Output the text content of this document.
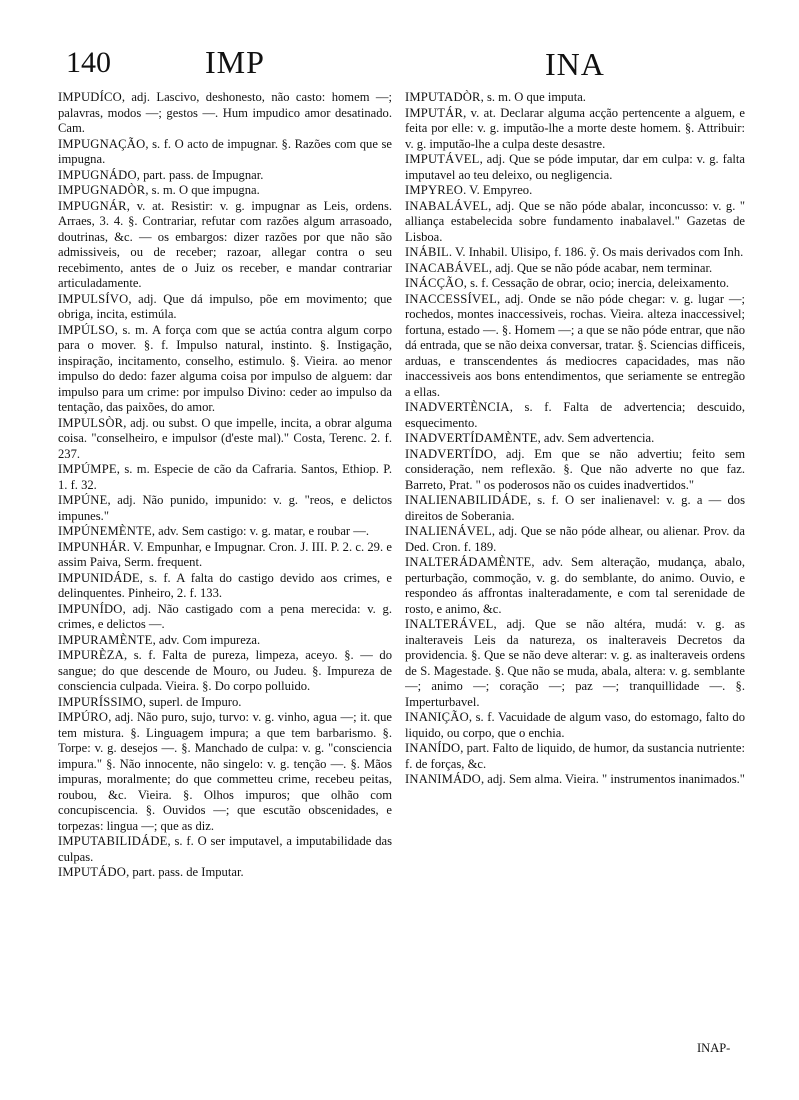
140	IMP	INA

IMPUDÍCO, adj. Lascivo, deshonesto, não casto: homem —; palavras, modos —; gestos —. Hum impudico amor desatinado. Cam.

IMPUGNAÇÃO, s. f. O acto de impugnar. §. Razões com que se impugna.

IMPUGNÁDO, part. pass. de Impugnar.

IMPUGNADÒR, s. m. O que impugna.

IMPUGNÁR, v. at. Resistir: v. g. impugnar as Leis, ordens. Arraes, 3. 4. §. Contrariar, refutar com razões algum arrasoado, doutrinas, &c. — os embargos: dizer razões por que não são admissiveis, ou de receber; razoar, allegar contra o seu recebimento, antes de o Juiz os receber, e mandar contrariar articuladamente.

IMPULSÍVO, adj. Que dá impulso, põe em movimento; que obriga, incita, estimúla.

IMPÚLSO, s. m. A força com que se actúa contra algum corpo para o mover. §. f. Impulso natural, instinto. §. Instigação, inspiração, incitamento, conselho, estimulo. §. Vieira. ao menor impulso do dedo: fazer alguma coisa por impulso de alguem: dar impulso para um crime: por impulso Divino: ceder ao impulso da tentação, das paixões, do amor.

IMPULSÒR, adj. ou subst. O que impelle, incita, a obrar alguma coisa. "conselheiro, e impulsor (d'este mal)." Costa, Terenc. 2. f. 237.

IMPÚMPE, s. m. Especie de cão da Cafraria. Santos, Ethiop. P. 1. f. 32.

IMPÚNE, adj. Não punido, impunido: v. g. "reos, e delictos impunes."

IMPÚNEMÈNTE, adv. Sem castigo: v. g. matar, e roubar —.

IMPUNHÁR. V. Empunhar, e Impugnar. Cron. J. III. P. 2. c. 29. e assim Paiva, Serm. frequent.

IMPUNIDÁDE, s. f. A falta do castigo devido aos crimes, e delinquentes. Pinheiro, 2. f. 133.

IMPUNÍDO, adj. Não castigado com a pena merecida: v. g. crimes, e delictos —.

IMPURAMÈNTE, adv. Com impureza.

IMPURÈZA, s. f. Falta de pureza, limpeza, aceyo. §. — do sangue; do que descende de Mouro, ou Judeu. §. Impureza de consciencia culpada. Vieira. §. Do corpo polluido.

IMPURÍSSIMO, superl. de Impuro.

IMPÚRO, adj. Não puro, sujo, turvo: v. g. vinho, agua —; it. que tem mistura. §. Linguagem impura; a que tem barbarismo. §. Torpe: v. g. desejos —. §. Manchado de culpa: v. g. "consciencia impura." §. Não innocente, não singelo: v. g. tenção —. §. Mãos impuras, moralmente; do que commetteu crime, recebeu peitas, roubou, &c. Vieira. §. Olhos impuros; que olhão com concupiscencia. §. Ouvidos —; que escutão obscenidades, e torpezas: lingua —; que as diz.

IMPUTABILIDÁDE, s. f. O ser imputavel, a imputabilidade das culpas.

IMPUTÁDO, part. pass. de Imputar.

IMPUTADÒR, s. m. O que imputa.

IMPUTÁR, v. at. Declarar alguma acção pertencente a alguem, e feita por elle: v. g. imputão-lhe a morte deste homem. §. Attribuir: v. g. imputão-lhe a culpa deste desastre.

IMPUTÁVEL, adj. Que se póde imputar, dar em culpa: v. g. falta imputavel ao teu deleixo, ou negligencia.

IMPYREO. V. Empyreo.

INABALÁVEL, adj. Que se não póde abalar, inconcusso: v. g. " alliança estabelecida sobre fundamento inabalavel." Gazetas de Lisboa.

INÁBIL. V. Inhabil. Ulisipo, f. 186. ỹ. Os mais derivados com Inh.

INACABÁVEL, adj. Que se não póde acabar, nem terminar.

INÁCÇÃO, s. f. Cessação de obrar, ocio; inercia, deleixamento.

INACCESSÍVEL, adj. Onde se não póde chegar: v. g. lugar —; rochedos, montes inaccessiveis, rochas. Vieira. alteza inaccessivel; fortuna, estado —. §. Homem —; a que se não póde entrar, que não dá entrada, que se não deixa conversar, tratar. §. Sciencias difficeis, arduas, e transcendentes ás mediocres capacidades, mas não inaccessiveis aos bons entendimentos, que seriamente se entregão a ellas.

INADVERTÈNCIA, s. f. Falta de advertencia; descuido, esquecimento.

INADVERTÍDAMÈNTE, adv. Sem advertencia.

INADVERTÍDO, adj. Em que se não advertiu; feito sem consideração, nem reflexão. §. Que não adverte no que faz. Barreto, Prat. " os poderosos não os cuides inadvertidos."

INALIENABILIDÁDE, s. f. O ser inalienavel: v. g. a — dos direitos de Soberania.

INALIENÁVEL, adj. Que se não póde alhear, ou alienar. Prov. da Ded. Cron. f. 189.

INALTERÁDAMÈNTE, adv. Sem alteração, mudança, abalo, perturbação, commoção, v. g. do semblante, do animo. Ouvio, e respondeo ás affrontas inalteradamente, e com tal serenidade de rosto, e animo, &c.

INALTERÁVEL, adj. Que se não altéra, mudá: v. g. as inalteraveis Leis da natureza, os inalteraveis Decretos da providencia. §. Que se não deve alterar: v. g. as inalteraveis ordens de S. Magestade. §. Que não se muda, abala, altera: v. g. semblante —; animo —; coração —; paz —; tranquillidade —. §. Imperturbavel.

INANIÇÃO, s. f. Vacuidade de algum vaso, do estomago, falto do liquido, ou corpo, que o enchia.

INANÍDO, part. Falto de liquido, de humor, da sustancia nutriente: f. de forças, &c.

INANIMÁDO, adj. Sem alma. Vieira. " instrumentos inanimados."

INAP-
